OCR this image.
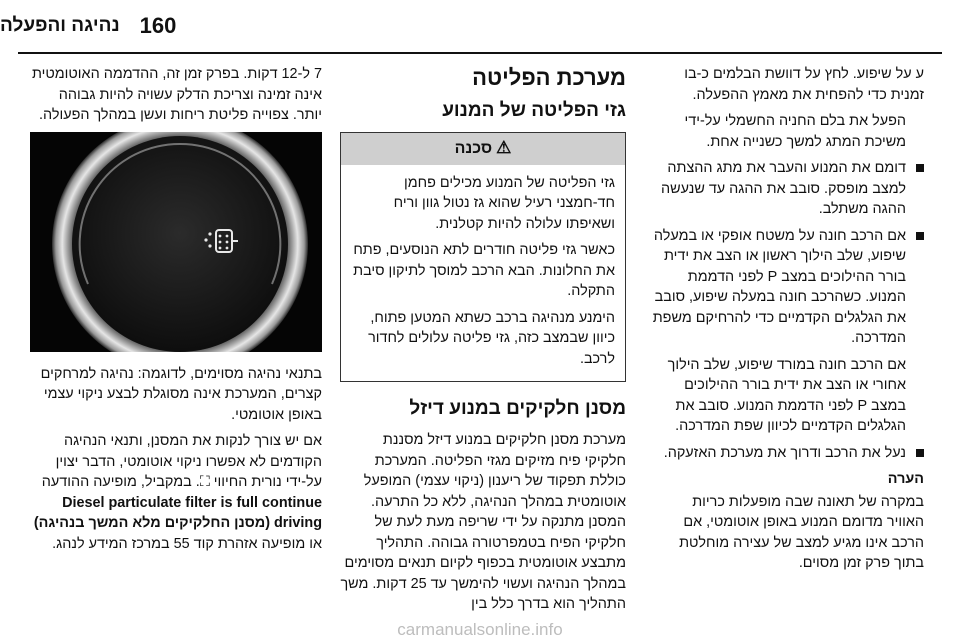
160
נהיגה והפעלה

ע על שיפוע. לחץ על דוושת הבלמים כ-בו זמנית כדי להפחית את מאמץ ההפעלה.

הפעל את בלם החניה החשמלי על-ידי משיכת המתג למשך כשנייה אחת.

דומם את המנוע והעבר את מתג ההצתה למצב מופסק. סובב את ההגה עד שנעשה ההגה משתלב.
אם הרכב חונה על משטח אופקי או במעלה שיפוע, שלב הילוך ראשון או הצב את ידית בורר ההילוכים במצב P לפני הדממת המנוע. כשהרכב חונה במעלה שיפוע, סובב את הגלגלים הקדמיים כדי להרחיקם משפת המדרכה.

אם הרכב חונה במורד שיפוע, שלב הילוך אחורי או הצב את ידית בורר ההילוכים במצב P לפני הדממת המנוע. סובב את הגלגלים הקדמיים לכיוון שפת המדרכה.

נעל את הרכב ודרוך את מערכת האזעקה.
הערה

במקרה של תאונה שבה מופעלות כריות האוויר מדומם המנוע באופן אוטומטי, אם הרכב אינו מגיע למצב של עצירה מוחלטת בתוך פרק זמן מסוים.

מערכת הפליטה
גזי הפליטה של המנוע
⚠סכנה

גזי הפליטה של המנוע מכילים פחמן חד-חמצני רעיל שהוא גז נטול גוון וריח ושאיפתו עלולה להיות קטלנית.

כאשר גזי פליטה חודרים לתא הנוסעים, פתח את החלונות. הבא הרכב למוסך לתיקון סיבת התקלה.

הימנע מנהיגה ברכב כשתא המטען פתוח, כיוון שבמצב כזה, גזי פליטה עלולים לחדור לרכב.

מסנן חלקיקים במנוע דיזל

מערכת מסנן חלקיקים במנוע דיזל מסננת חלקיקי פיח מזיקים מגזי הפליטה. המערכת כוללת תפקוד של ריענון (ניקוי עצמי) המופעל אוטומטית במהלך הנהיגה, ללא כל התרעה. המסנן מתנקה על ידי שריפה מעת לעת של חלקיקי הפיח בטמפרטורה גבוהה. התהליך מתבצע אוטומטית בכפוף לקיום תנאים מסוימים במהלך הנהיגה ועשוי להימשך עד 25 דקות. משך התהליך הוא בדרך כלל בין

7 ל-12 דקות. בפרק זמן זה, ההדממה האוטומטית אינה זמינה וצריכת הדלק עשויה להיות גבוהה יותר. צפוייה פליטת ריחות ועשן במהלך הפעולה.

בתנאי נהיגה מסוימים, לדוגמה: נהיגה למרחקים קצרים, המערכת אינה מסוגלת לבצע ניקוי עצמי באופן אוטומטי.

אם יש צורך לנקות את המסנן, ותנאי הנהיגה הקודמים לא אפשרו ניקוי אוטומטי, הדבר יצוין על-ידי נורית החיווי ⛶. במקביל, מופיעה ההודעה Diesel particulate filter is full continue driving (מסנן החלקיקים מלא המשך בנהיגה) או מופיעה אזהרת קוד 55 במרכז המידע לנהג.

carmanualsonline.info
